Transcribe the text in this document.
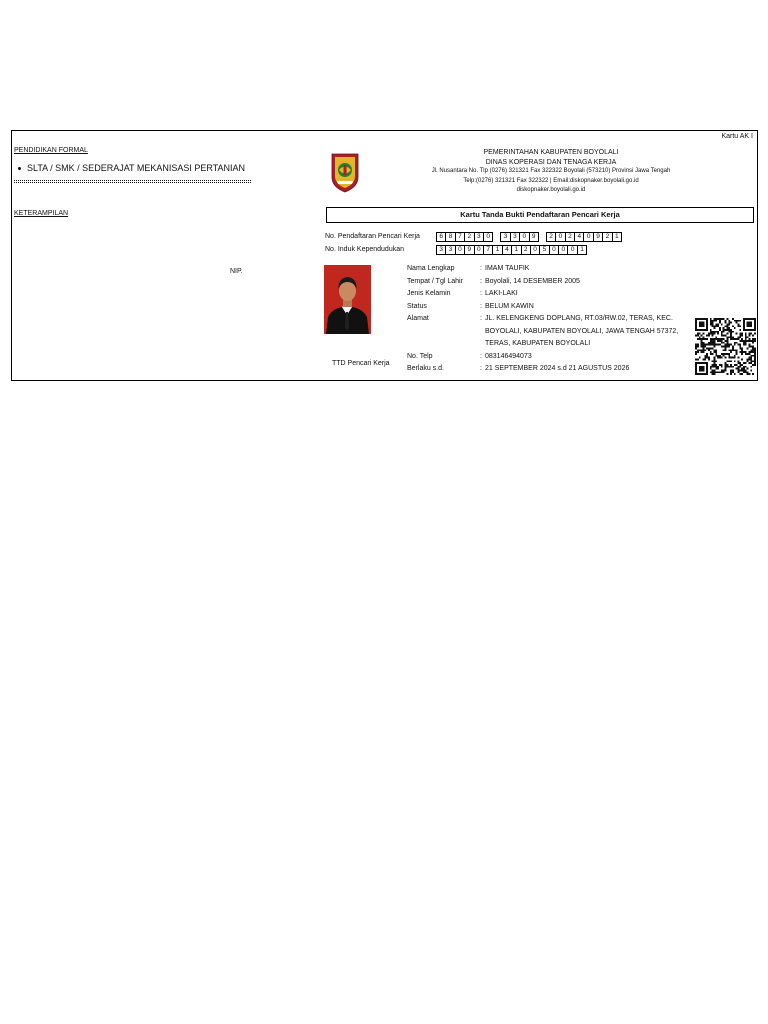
Kartu AK I
PENDIDIKAN FORMAL
SLTA / SMK / SEDERAJAT MEKANISASI PERTANIAN
KETERAMPILAN
NIP.
PEMERINTAHAN KABUPATEN BOYOLALI
DINAS KOPERASI DAN TENAGA KERJA
Jl. Nusantara No. Tlp (0276) 321321 Fax 322322 Boyolali (573210) Provinsi Jawa Tengah
Telp:(0276) 321321 Fax 322322 | Email:diskopnaker.boyolali.go.id
diskopnaker.boyolali.go.id
Kartu Tanda Bukti Pendaftaran Pencari Kerja
No. Pendaftaran Pencari Kerja	6 8 7 2 3 0	3 3 0 9	2 0 2 4 0 9 2 1
No. Induk Kependudukan	3 3 0 9 0 7 1 4 1 2 0 5 0 0 0 1
TTD Pencari Kerja
Nama Lengkap	: IMAM TAUFIK
Tempat / Tgl Lahir : Boyolali, 14 DESEMBER 2005
Jenis Kelamin	: LAKI-LAKI
Status	: BELUM KAWIN
Alamat	: JL. KELENGKENG DOPLANG, RT.03/RW.02, TERAS, KEC.
BOYOLALI, KABUPATEN BOYOLALI, JAWA TENGAH 57372,
TERAS, KABUPATEN BOYOLALI
No. Telp	: 083146494073
Berlaku s.d.	: 21 SEPTEMBER 2024 s.d 21 AGUSTUS 2026
